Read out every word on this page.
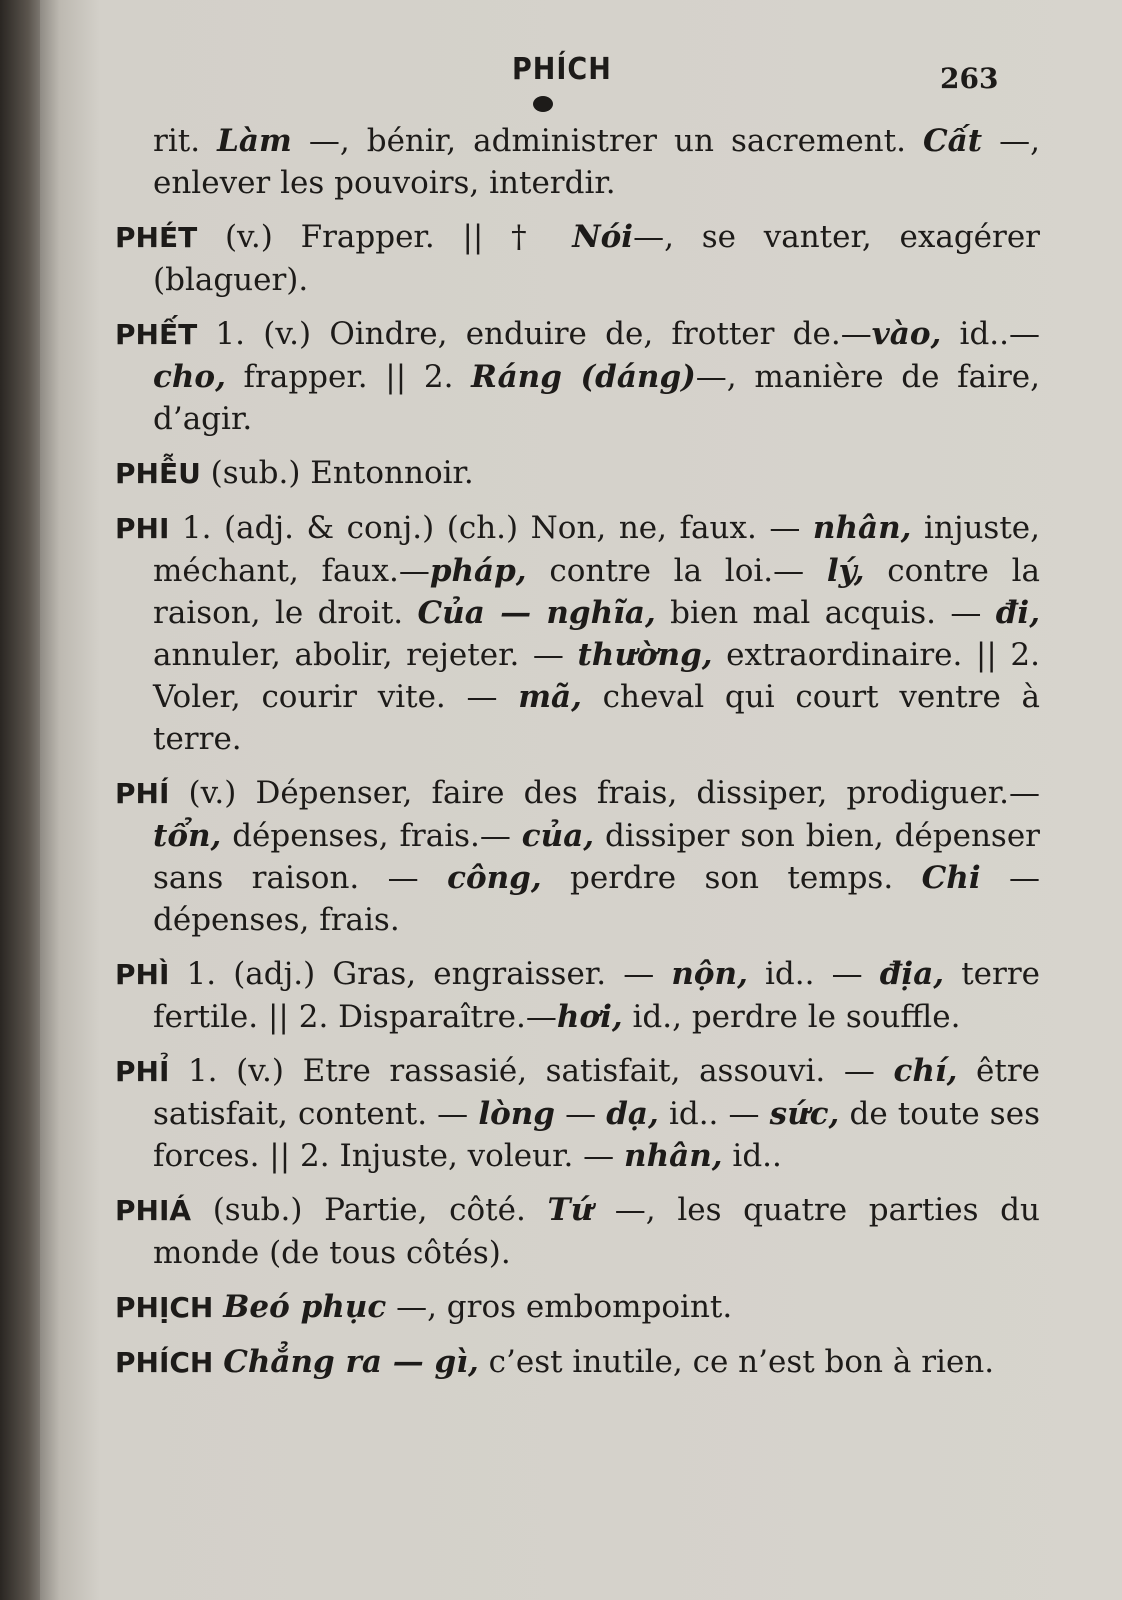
PHÍCH	263

rit. Làm —, bénir, administrer un sacrement. Cất —, enlever les pouvoirs, interdir.

PHÉT (v.) Frapper. || † Nói—, se vanter, exagérer (blaguer).

PHẾT 1. (v.) Oindre, enduire de, frotter de.—vào, id..—cho, frapper. || 2. Ráng (dáng)—, manière de faire, d’agir.

PHỄU (sub.) Entonnoir.

PHI 1. (adj. & conj.) (ch.) Non, ne, faux. — nhân, injuste, méchant, faux.—pháp, contre la loi.— lý, contre la raison, le droit. Của — nghĩa, bien mal acquis. — đi, annuler, abolir, rejeter. — thường, extraordinaire. || 2. Voler, courir vite. — mã, cheval qui court ventre à terre.

PHÍ (v.) Dépenser, faire des frais, dissiper, prodiguer.—tổn, dépenses, frais.— của, dissiper son bien, dépenser sans raison. — công, perdre son temps. Chi — dépenses, frais.

PHÌ 1. (adj.) Gras, engraisser. — nộn, id.. — địa, terre fertile. || 2. Disparaître.—hơi, id., perdre le souffle.

PHỈ 1. (v.) Etre rassasié, satisfait, assouvi. — chí, être satisfait, content. — lòng — dạ, id.. — sức, de toute ses forces. || 2. Injuste, voleur. — nhân, id..

PHIÁ (sub.) Partie, côté. Tứ —, les quatre parties du monde (de tous côtés).

PHỊCH Beó phục —, gros embompoint.

PHÍCH Chẳng ra — gì, c’est inutile, ce n’est bon à rien.
